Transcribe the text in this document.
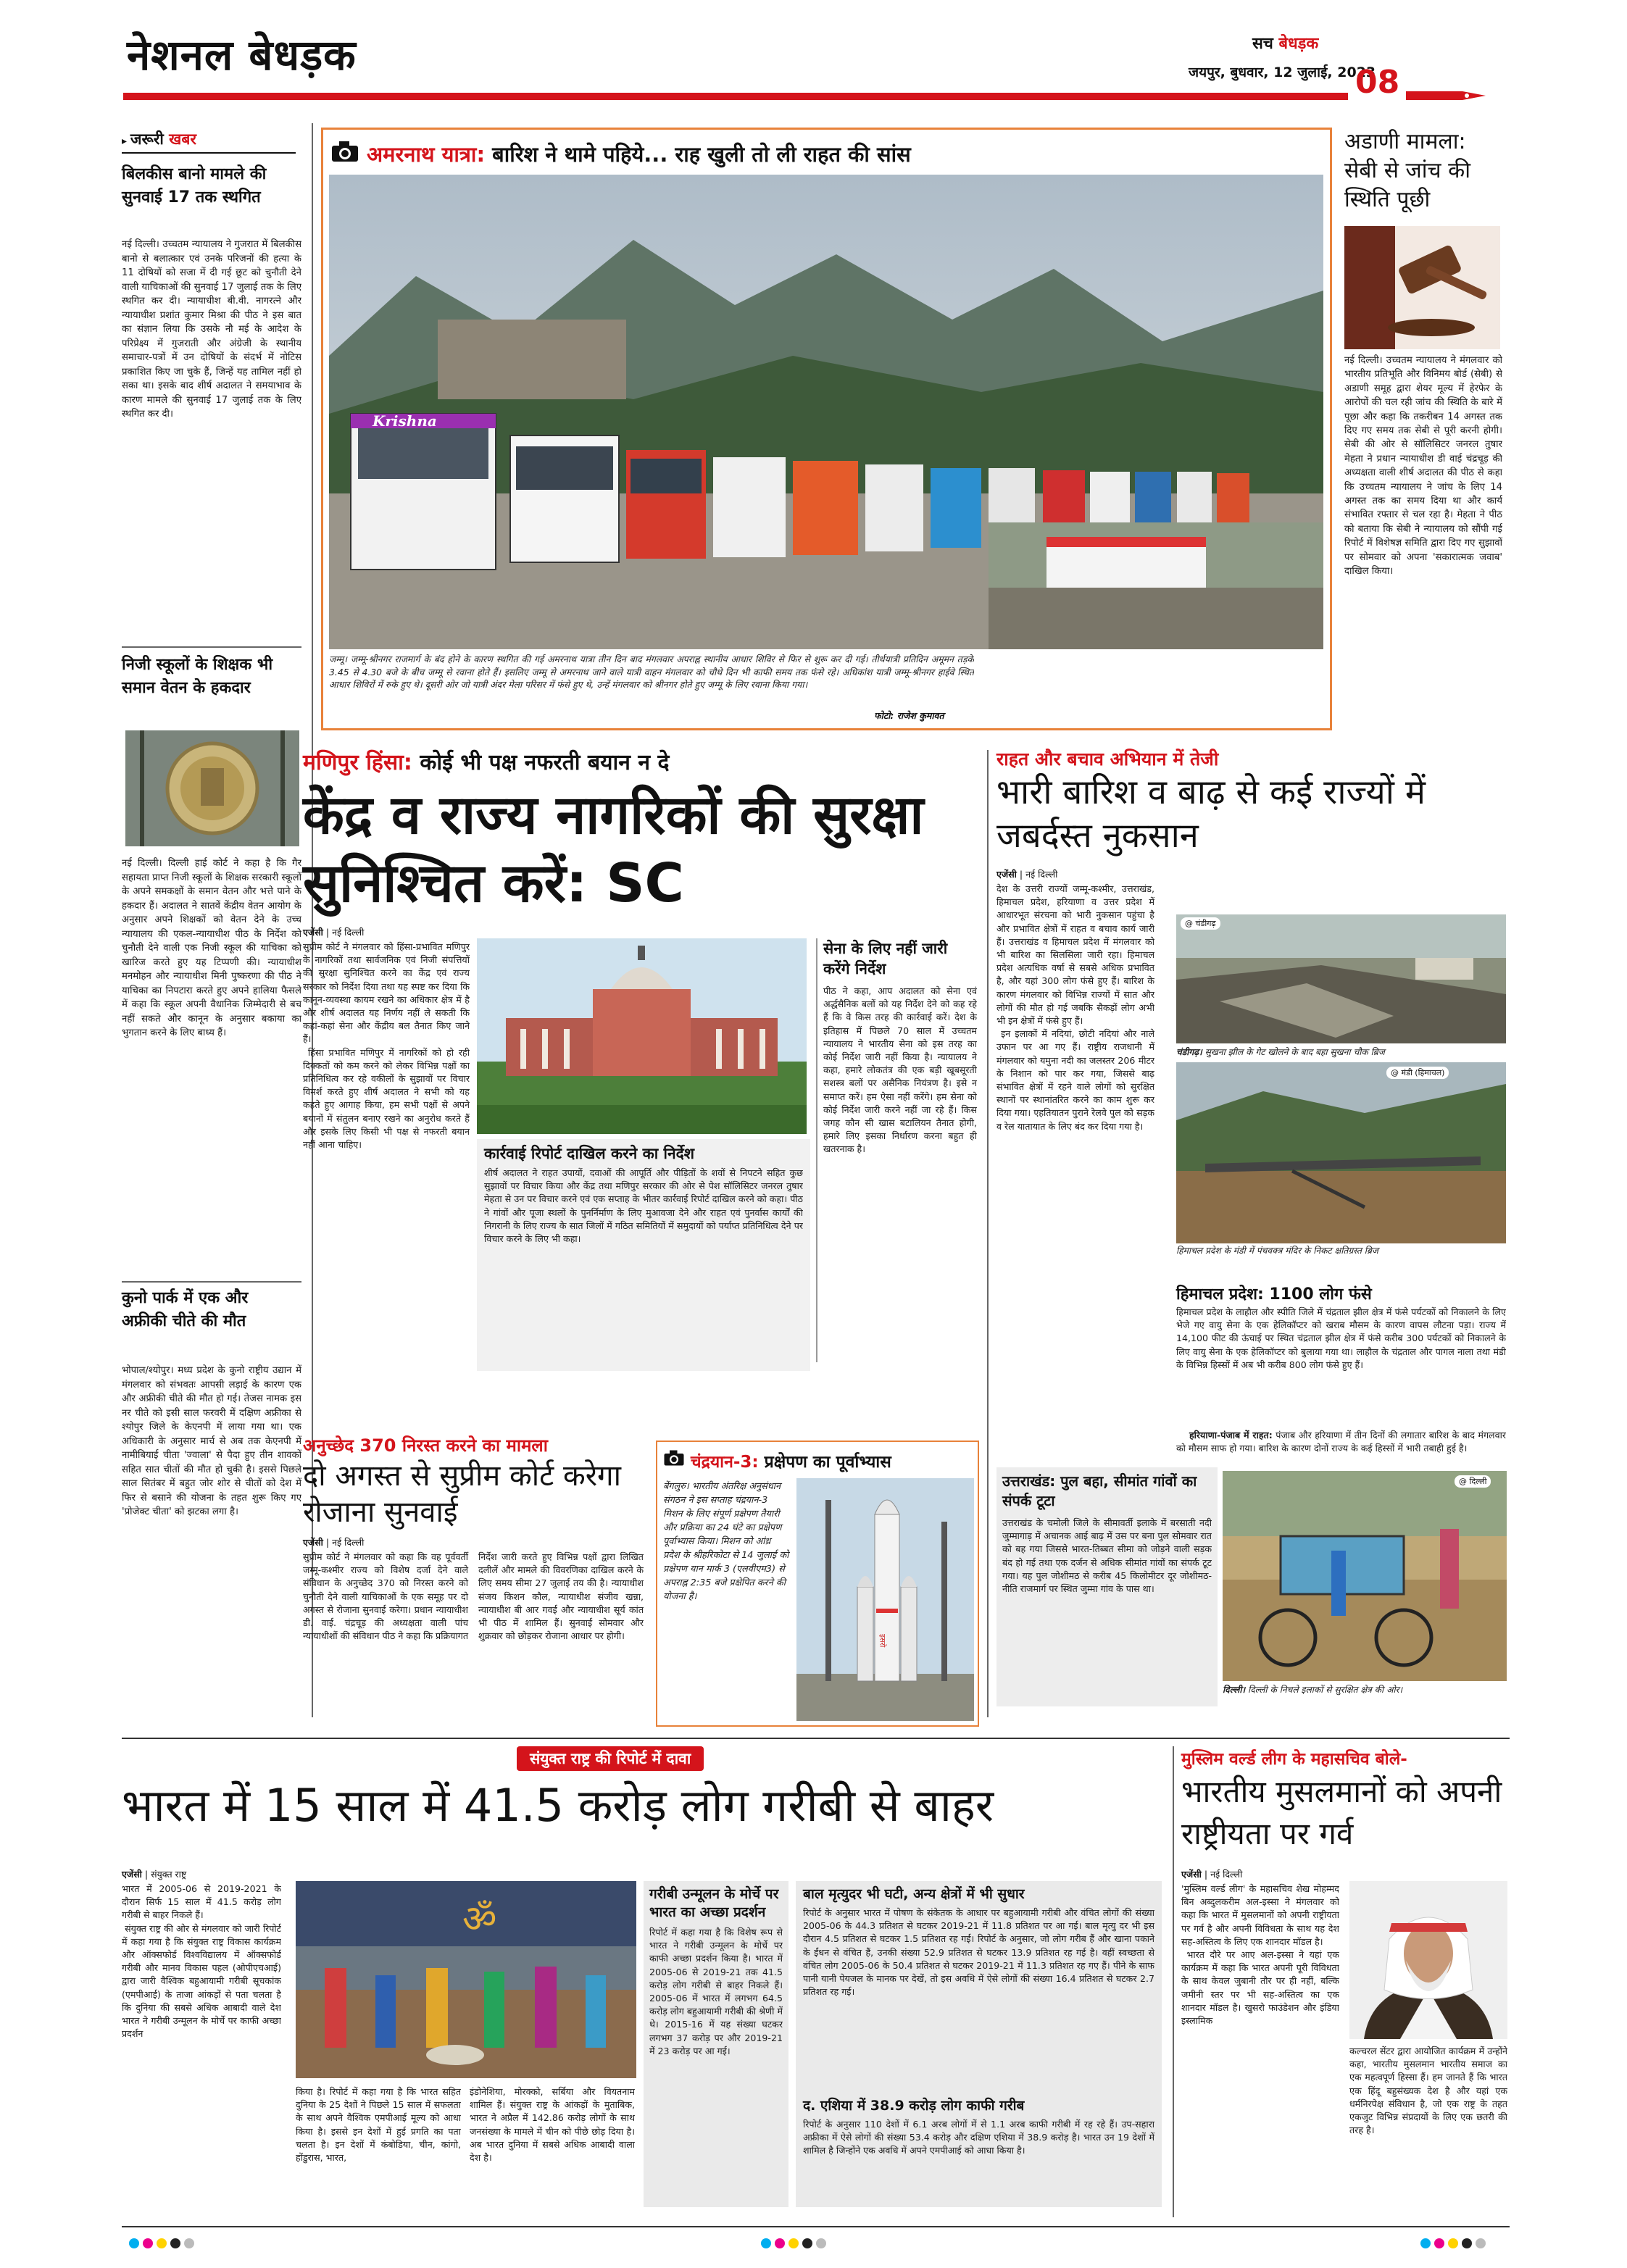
नेशनल बेधड़क	सच बेधड़क
जयपुर, बुधवार, 12 जुलाई, 2023
08
▸ जरूरी खबर
बिलकीस बानो मामले की सुनवाई 17 तक स्थगित
नई दिल्ली। उच्चतम न्यायालय ने गुजरात में बिलकीस बानो से बलात्कार एवं उनके परिजनों की हत्या के 11 दोषियों को सजा में दी गई छूट को चुनौती देने वाली याचिकाओं की सुनवाई 17 जुलाई तक के लिए स्थगित कर दी। न्यायाधीश बी.वी. नागरत्ने और न्यायाधीश प्रशांत कुमार मिश्रा की पीठ ने इस बात का संज्ञान लिया कि उसके नौ मई के आदेश के परिप्रेक्ष्य में गुजराती और अंग्रेजी के स्थानीय समाचार-पत्रों में उन दोषियों के संदर्भ में नोटिस प्रकाशित किए जा चुके हैं, जिन्हें यह तामिल नहीं हो सका था। इसके बाद शीर्ष अदालत ने समयाभाव के कारण मामले की सुनवाई 17 जुलाई तक के लिए स्थगित कर दी।
निजी स्कूलों के शिक्षक भी समान वेतन के हकदार
नई दिल्ली। दिल्ली हाई कोर्ट ने कहा है कि गैर सहायता प्राप्त निजी स्कूलों के शिक्षक सरकारी स्कूलों के अपने समकक्षों के समान वेतन और भत्ते पाने के हकदार हैं। अदालत ने सातवें केंद्रीय वेतन आयोग के अनुसार अपने शिक्षकों को वेतन देने के उच्च न्यायालय की एकल-न्यायाधीश पीठ के निर्देश को चुनौती देने वाली एक निजी स्कूल की याचिका को खारिज करते हुए यह टिप्पणी की। न्यायाधीश मनमोहन और न्यायाधीश मिनी पुष्करणा की पीठ ने याचिका का निपटारा करते हुए अपने हालिया फैसले में कहा कि स्कूल अपनी वैधानिक जिम्मेदारी से बच नहीं सकते और कानून के अनुसार बकाया का भुगतान करने के लिए बाध्य हैं।
कुनो पार्क में एक और अफ्रीकी चीते की मौत
भोपाल/श्योपुर। मध्य प्रदेश के कुनो राष्ट्रीय उद्यान में मंगलवार को संभवतः आपसी लड़ाई के कारण एक और अफ्रीकी चीते की मौत हो गई। तेजस नामक इस नर चीते को इसी साल फरवरी में दक्षिण अफ्रीका से श्योपुर जिले के केएनपी में लाया गया था। एक अधिकारी के अनुसार मार्च से अब तक केएनपी में नामीबियाई चीता 'ज्वाला' से पैदा हुए तीन शावकों सहित सात चीतों की मौत हो चुकी है। इससे पिछले साल सितंबर में बहुत जोर शोर से चीतों को देश में फिर से बसाने की योजना के तहत शुरू किए गए 'प्रोजेक्ट चीता' को झटका लगा है।
अमरनाथ यात्रा: बारिश ने थामे पहिये... राह खुली तो ली राहत की सांस
Krishna
जम्मू। जम्मू-श्रीनगर राजमार्ग के बंद होने के कारण स्थगित की गई अमरनाथ यात्रा तीन दिन बाद मंगलवार अपराह्न स्थानीय आधार शिविर से फिर से शुरू कर दी गई। तीर्थयात्री प्रतिदिन अमूमन तड़के 3.45 से 4.30 बजे के बीच जम्मू से रवाना होते हैं। इसलिए जम्मू से अमरनाथ जाने वाले यात्री वाहन मंगलवार को चौथे दिन भी काफी समय तक फंसे रहे। अधिकांश यात्री जम्मू-श्रीनगर हाईवे स्थित आधार शिविरों में रुके हुए थे। दूसरी ओर जो यात्री अंदर मेला परिसर में फंसे हुए थे, उन्हें मंगलवार को श्रीनगर होते हुए जम्मू के लिए रवाना किया गया।
फोटो: राजेश कुमावत
अडाणी मामला: सेबी से जांच की स्थिति पूछी
नई दिल्ली। उच्चतम न्यायालय ने मंगलवार को भारतीय प्रतिभूति और विनिमय बोर्ड (सेबी) से अडाणी समूह द्वारा शेयर मूल्य में हेरफेर के आरोपों की चल रही जांच की स्थिति के बारे में पूछा और कहा कि तकरीबन 14 अगस्त तक दिए गए समय तक सेबी से पूरी करनी होगी। सेबी की ओर से सॉलिसिटर जनरल तुषार मेहता ने प्रधान न्यायाधीश डी वाई चंद्रचूड़ की अध्यक्षता वाली शीर्ष अदालत की पीठ से कहा कि उच्चतम न्यायालय ने जांच के लिए 14 अगस्त तक का समय दिया था और कार्य संभावित रफ्तार से चल रहा है। मेहता ने पीठ को बताया कि सेबी ने न्यायालय को सौंपी गई रिपोर्ट में विशेषज्ञ समिति द्वारा दिए गए सुझावों पर सोमवार को अपना 'सकारात्मक जवाब' दाखिल किया।
मणिपुर हिंसा: कोई भी पक्ष नफरती बयान न दे
केंद्र व राज्य नागरिकों की सुरक्षा सुनिश्चित करें: SC
एजेंसी | नई दिल्ली
सुप्रीम कोर्ट ने मंगलवार को हिंसा-प्रभावित मणिपुर के नागरिकों तथा सार्वजनिक एवं निजी संपत्तियों की सुरक्षा सुनिश्चित करने का केंद्र एवं राज्य सरकार को निर्देश दिया तथा यह स्पष्ट कर दिया कि कानून-व्यवस्था कायम रखने का अधिकार क्षेत्र में है और शीर्ष अदालत यह निर्णय नहीं ले सकती कि कहां-कहां सेना और केंद्रीय बल तैनात किए जाने हैं।
हिंसा प्रभावित मणिपुर में नागरिकों को हो रही दिक्कतों को कम करने को लेकर विभिन्न पक्षों का प्रतिनिधित्व कर रहे वकीलों के सुझावों पर विचार विमर्श करते हुए शीर्ष अदालत ने सभी को यह कहते हुए आगाह किया, हम सभी पक्षों से अपने बयानों में संतुलन बनाए रखने का अनुरोध करते हैं और इसके लिए किसी भी पक्ष से नफरती बयान नहीं आना चाहिए।
सेना के लिए नहीं जारी करेंगे निर्देश
पीठ ने कहा, आप अदालत को सेना एवं अर्द्धसैनिक बलों को यह निर्देश देने को कह रहे हैं कि वे किस तरह की कार्रवाई करें। देश के इतिहास में पिछले 70 साल में उच्चतम न्यायालय ने भारतीय सेना को इस तरह का कोई निर्देश जारी नहीं किया है। न्यायालय ने कहा, हमारे लोकतंत्र की एक बड़ी खूबसूरती सशस्त्र बलों पर असैनिक नियंत्रण है। इसे न समाप्त करें। हम ऐसा नहीं करेंगे। हम सेना को कोई निर्देश जारी करने नहीं जा रहे हैं। किस जगह कौन सी खास बटालियन तैनात होगी, हमारे लिए इसका निर्धारण करना बहुत ही खतरनाक है।
कार्रवाई रिपोर्ट दाखिल करने का निर्देश
शीर्ष अदालत ने राहत उपायों, दवाओं की आपूर्ति और पीड़ितों के शवों से निपटने सहित कुछ सुझावों पर विचार किया और केंद्र तथा मणिपुर सरकार की ओर से पेश सॉलिसिटर जनरल तुषार मेहता से उन पर विचार करने एवं एक सप्ताह के भीतर कार्रवाई रिपोर्ट दाखिल करने को कहा। पीठ ने गांवों और पूजा स्थलों के पुनर्निर्माण के लिए मुआवजा देने और राहत एवं पुनर्वास कार्यों की निगरानी के लिए राज्य के सात जिलों में गठित समितियों में समुदायों को पर्याप्त प्रतिनिधित्व देने पर विचार करने के लिए भी कहा।
अनुच्छेद 370 निरस्त करने का मामला
दो अगस्त से सुप्रीम कोर्ट करेगा रोजाना सुनवाई
एजेंसी | नई दिल्ली
सुप्रीम कोर्ट ने मंगलवार को कहा कि वह पूर्ववर्ती जम्मू-कश्मीर राज्य को विशेष दर्जा देने वाले संविधान के अनुच्छेद 370 को निरस्त करने को चुनौती देने वाली याचिकाओं के एक समूह पर दो अगस्त से रोजाना सुनवाई करेगा। प्रधान न्यायाधीश डी. वाई. चंद्रचूड़ की अध्यक्षता वाली पांच न्यायाधीशों की संविधान पीठ ने कहा कि प्रक्रियागत निर्देश जारी करते हुए विभिन्न पक्षों द्वारा लिखित दलीलें और मामले की विवरणिका दाखिल करने के लिए समय सीमा 27 जुलाई तय की है। न्यायाधीश संजय किशन कौल, न्यायाधीश संजीव खन्ना, न्यायाधीश बी आर गवई और न्यायाधीश सूर्य कांत भी पीठ में शामिल हैं। सुनवाई सोमवार और शुक्रवार को छोड़कर रोजाना आधार पर होगी।
चंद्रयान-3: प्रक्षेपण का पूर्वाभ्यास
बेंगलुरु। भारतीय अंतरिक्ष अनुसंधान संगठन ने इस सप्ताह चंद्रयान-3 मिशन के लिए संपूर्ण प्रक्षेपण तैयारी और प्रक्रिया का 24 घंटे का प्रक्षेपण पूर्वाभ्यास किया। मिशन को आंध्र प्रदेश के श्रीहरिकोटा से 14 जुलाई को प्रक्षेपण यान मार्क 3 (एलवीएम3) से अपराह्न 2:35 बजे प्रक्षेपित करने की योजना है।
इसरो
राहत और बचाव अभियान में तेजी
भारी बारिश व बाढ़ से कई राज्यों में जबर्दस्त नुकसान
एजेंसी | नई दिल्ली
देश के उत्तरी राज्यों जम्मू-कश्मीर, उत्तराखंड, हिमाचल प्रदेश, हरियाणा व उत्तर प्रदेश में आधारभूत संरचना को भारी नुकसान पहुंचा है और प्रभावित क्षेत्रों में राहत व बचाव कार्य जारी हैं। उत्तराखंड व हिमाचल प्रदेश में मंगलवार को भी बारिश का सिलसिला जारी रहा। हिमाचल प्रदेश अत्यधिक वर्षा से सबसे अधिक प्रभावित है, और यहां 300 लोग फंसे हुए हैं। बारिश के कारण मंगलवार को विभिन्न राज्यों में सात और लोगों की मौत हो गई जबकि सैकड़ों लोग अभी भी इन क्षेत्रों में फंसे हुए हैं।
इन इलाकों में नदियां, छोटी नदियां और नाले उफान पर आ गए हैं। राष्ट्रीय राजधानी में मंगलवार को यमुना नदी का जलस्तर 206 मीटर के निशान को पार कर गया, जिससे बाढ़ संभावित क्षेत्रों में रहने वाले लोगों को सुरक्षित स्थानों पर स्थानांतरित करने का काम शुरू कर दिया गया। एहतियातन पुराने रेलवे पुल को सड़क व रेल यातायात के लिए बंद कर दिया गया है।
@ चंडीगढ़
चंडीगढ़। सुखना झील के गेट खोलने के बाद बहा सुखना चौक ब्रिज
@ मंडी (हिमाचल)
हिमाचल प्रदेश के मंडी में पंचवक्त्र मंदिर के निकट क्षतिग्रस्त ब्रिज
हिमाचल प्रदेश: 1100 लोग फंसे
हिमाचल प्रदेश के लाहौल और स्पीति जिले में चंद्रताल झील क्षेत्र में फंसे पर्यटकों को निकालने के लिए भेजे गए वायु सेना के एक हेलिकॉप्टर को खराब मौसम के कारण वापस लौटना पड़ा। राज्य में 14,100 फीट की ऊंचाई पर स्थित चंद्रताल झील क्षेत्र में फंसे करीब 300 पर्यटकों को निकालने के लिए वायु सेना के एक हेलिकॉप्टर को बुलाया गया था। लाहौल के चंद्रताल और पागल नाला तथा मंडी के विभिन्न हिस्सों में अब भी करीब 800 लोग फंसे हुए हैं।

हरियाणा-पंजाब में राहत: पंजाब और हरियाणा में तीन दिनों की लगातार बारिश के बाद मंगलवार को मौसम साफ हो गया। बारिश के कारण दोनों राज्य के कई हिस्सों में भारी तबाही हुई है।

उत्तराखंड: पुल बहा, सीमांत गांवों का संपर्क टूटा
उत्तराखंड के चमोली जिले के सीमावर्ती इलाके में बरसाती नदी जुम्मागाड़ में अचानक आई बाढ़ में उस पर बना पुल सोमवार रात को बह गया जिससे भारत-तिब्बत सीमा को जोड़ने वाली सड़क बंद हो गई तथा एक दर्जन से अधिक सीमांत गांवों का संपर्क टूट गया। यह पुल जोशीमठ से करीब 45 किलोमीटर दूर जोशीमठ-नीति राजमार्ग पर स्थित जुम्मा गांव के पास था।
@ दिल्ली
दिल्ली। दिल्ली के निचले इलाकों से सुरक्षित क्षेत्र की ओर।
संयुक्त राष्ट्र की रिपोर्ट में दावा
भारत में 15 साल में 41.5 करोड़ लोग गरीबी से बाहर
एजेंसी | संयुक्त राष्ट्र
भारत में 2005-06 से 2019-2021 के दौरान सिर्फ 15 साल में 41.5 करोड़ लोग गरीबी से बाहर निकले हैं।
संयुक्त राष्ट्र की ओर से मंगलवार को जारी रिपोर्ट में कहा गया है कि संयुक्त राष्ट्र विकास कार्यक्रम और ऑक्सफोर्ड विश्वविद्यालय में ऑक्सफोर्ड गरीबी और मानव विकास पहल (ओपीएचआई) द्वारा जारी वैश्विक बहुआयामी गरीबी सूचकांक (एमपीआई) के ताजा आंकड़ों से पता चलता है कि दुनिया की सबसे अधिक आबादी वाले देश भारत ने गरीबी उन्मूलन के मोर्चे पर काफी अच्छा प्रदर्शन
ॐ
किया है। रिपोर्ट में कहा गया है कि भारत सहित दुनिया के 25 देशों ने पिछले 15 साल में सफलता के साथ अपने वैश्विक एमपीआई मूल्य को आधा किया है। इससे इन देशों में हुई प्रगति का पता चलता है। इन देशों में कंबोडिया, चीन, कांगो, होंडुरास, भारत,
इंडोनेशिया, मोरक्को, सर्बिया और वियतनाम शामिल हैं। संयुक्त राष्ट्र के आंकड़ों के मुताबिक, भारत ने अप्रैल में 142.86 करोड़ लोगों के साथ जनसंख्या के मामले में चीन को पीछे छोड़ दिया है। अब भारत दुनिया में सबसे अधिक आबादी वाला देश है।
गरीबी उन्मूलन के मोर्चे पर भारत का अच्छा प्रदर्शन
रिपोर्ट में कहा गया है कि विशेष रूप से भारत ने गरीबी उन्मूलन के मोर्चे पर काफी अच्छा प्रदर्शन किया है। भारत में 2005-06 से 2019-21 तक 41.5 करोड़ लोग गरीबी से बाहर निकले हैं। 2005-06 में भारत में लगभग 64.5 करोड़ लोग बहुआयामी गरीबी की श्रेणी में थे। 2015-16 में यह संख्या घटकर लगभग 37 करोड़ पर और 2019-21 में 23 करोड़ पर आ गई।
बाल मृत्युदर भी घटी, अन्य क्षेत्रों में भी सुधार
रिपोर्ट के अनुसार भारत में पोषण के संकेतक के आधार पर बहुआयामी गरीबी और वंचित लोगों की संख्या 2005-06 के 44.3 प्रतिशत से घटकर 2019-21 में 11.8 प्रतिशत पर आ गई। बाल मृत्यु दर भी इस दौरान 4.5 प्रतिशत से घटकर 1.5 प्रतिशत रह गई। रिपोर्ट के अनुसार, जो लोग गरीब हैं और खाना पकाने के ईंधन से वंचित हैं, उनकी संख्या 52.9 प्रतिशत से घटकर 13.9 प्रतिशत रह गई है। वहीं स्वच्छता से वंचित लोग 2005-06 के 50.4 प्रतिशत से घटकर 2019-21 में 11.3 प्रतिशत रह गए हैं। पीने के साफ पानी यानी पेयजल के मानक पर देखें, तो इस अवधि में ऐसे लोगों की संख्या 16.4 प्रतिशत से घटकर 2.7 प्रतिशत रह गई।
द. एशिया में 38.9 करोड़ लोग काफी गरीब
रिपोर्ट के अनुसार 110 देशों में 6.1 अरब लोगों में से 1.1 अरब काफी गरीबी में रह रहे हैं। उप-सहारा अफ्रीका में ऐसे लोगों की संख्या 53.4 करोड़ और दक्षिण एशिया में 38.9 करोड़ है। भारत उन 19 देशों में शामिल है जिन्होंने एक अवधि में अपने एमपीआई को आधा किया है।
मुस्लिम वर्ल्ड लीग के महासचिव बोले-
भारतीय मुसलमानों को अपनी राष्ट्रीयता पर गर्व
एजेंसी | नई दिल्ली
'मुस्लिम वर्ल्ड लीग' के महासचिव शेख मोहम्मद बिन अब्दुलकरीम अल-इस्सा ने मंगलवार को कहा कि भारत में मुसलमानों को अपनी राष्ट्रीयता पर गर्व है और अपनी विविधता के साथ यह देश सह-अस्तित्व के लिए एक शानदार मॉडल है।
भारत दौरे पर आए अल-इस्सा ने यहां एक कार्यक्रम में कहा कि भारत अपनी पूरी विविधता के साथ केवल जुबानी तौर पर ही नहीं, बल्कि जमीनी स्तर पर भी सह-अस्तित्व का एक शानदार मॉडल है। खुसरो फाउंडेशन और इंडिया इस्लामिक
कल्चरल सेंटर द्वारा आयोजित कार्यक्रम में उन्होंने कहा, भारतीय मुसलमान भारतीय समाज का एक महत्वपूर्ण हिस्सा हैं। हम जानते हैं कि भारत एक हिंदू बहुसंख्यक देश है और यहां एक धर्मनिरपेक्ष संविधान है, जो एक राष्ट्र के तहत एकजुट विभिन्न संप्रदायों के लिए एक छतरी की तरह है।
